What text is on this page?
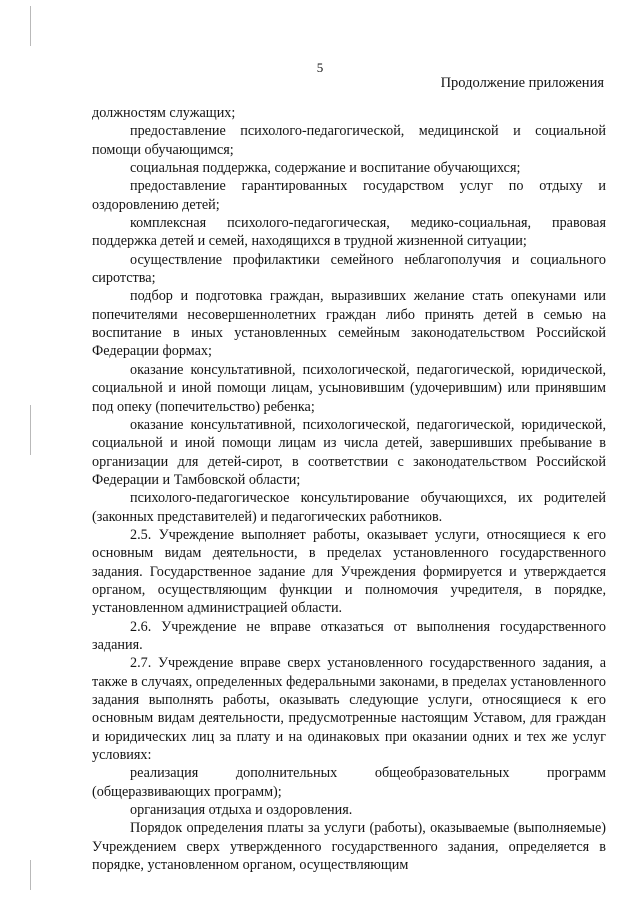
5
Продолжение приложения

должностям служащих;

предоставление психолого-педагогической, медицинской и социальной помощи обучающимся;

социальная поддержка, содержание и воспитание обучающихся;

предоставление гарантированных государством услуг по отдыху и оздоровлению детей;

комплексная психолого-педагогическая, медико-социальная, правовая поддержка детей и семей, находящихся в трудной жизненной ситуации;

осуществление профилактики семейного неблагополучия и социального сиротства;

подбор и подготовка граждан, выразивших желание стать опекунами или попечителями несовершеннолетних граждан либо принять детей в семью на воспитание в иных установленных семейным законодательством Российской Федерации формах;

оказание консультативной, психологической, педагогической, юридической, социальной и иной помощи лицам, усыновившим (удочерившим) или принявшим под опеку (попечительство) ребенка;

оказание консультативной, психологической, педагогической, юридической, социальной и иной помощи лицам из числа детей, завершивших пребывание в организации для детей-сирот, в соответствии с законодательством Российской Федерации и Тамбовской области;

психолого-педагогическое консультирование обучающихся, их родителей (законных представителей) и педагогических работников.

2.5. Учреждение выполняет работы, оказывает услуги, относящиеся к его основным видам деятельности, в пределах установленного государственного задания. Государственное задание для Учреждения формируется и утверждается органом, осуществляющим функции и полномочия учредителя, в порядке, установленном администрацией области.

2.6. Учреждение не вправе отказаться от выполнения государственного задания.

2.7. Учреждение вправе сверх установленного государственного задания, а также в случаях, определенных федеральными законами, в пределах установленного задания выполнять работы, оказывать следующие услуги, относящиеся к его основным видам деятельности, предусмотренные настоящим Уставом, для граждан и юридических лиц за плату и на одинаковых при оказании одних и тех же услуг условиях:

реализация дополнительных общеобразовательных программ (общеразвивающих программ);

организация отдыха и оздоровления.

Порядок определения платы за услуги (работы), оказываемые (выполняемые) Учреждением сверх утвержденного государственного задания, определяется в порядке, установленном органом, осуществляющим
